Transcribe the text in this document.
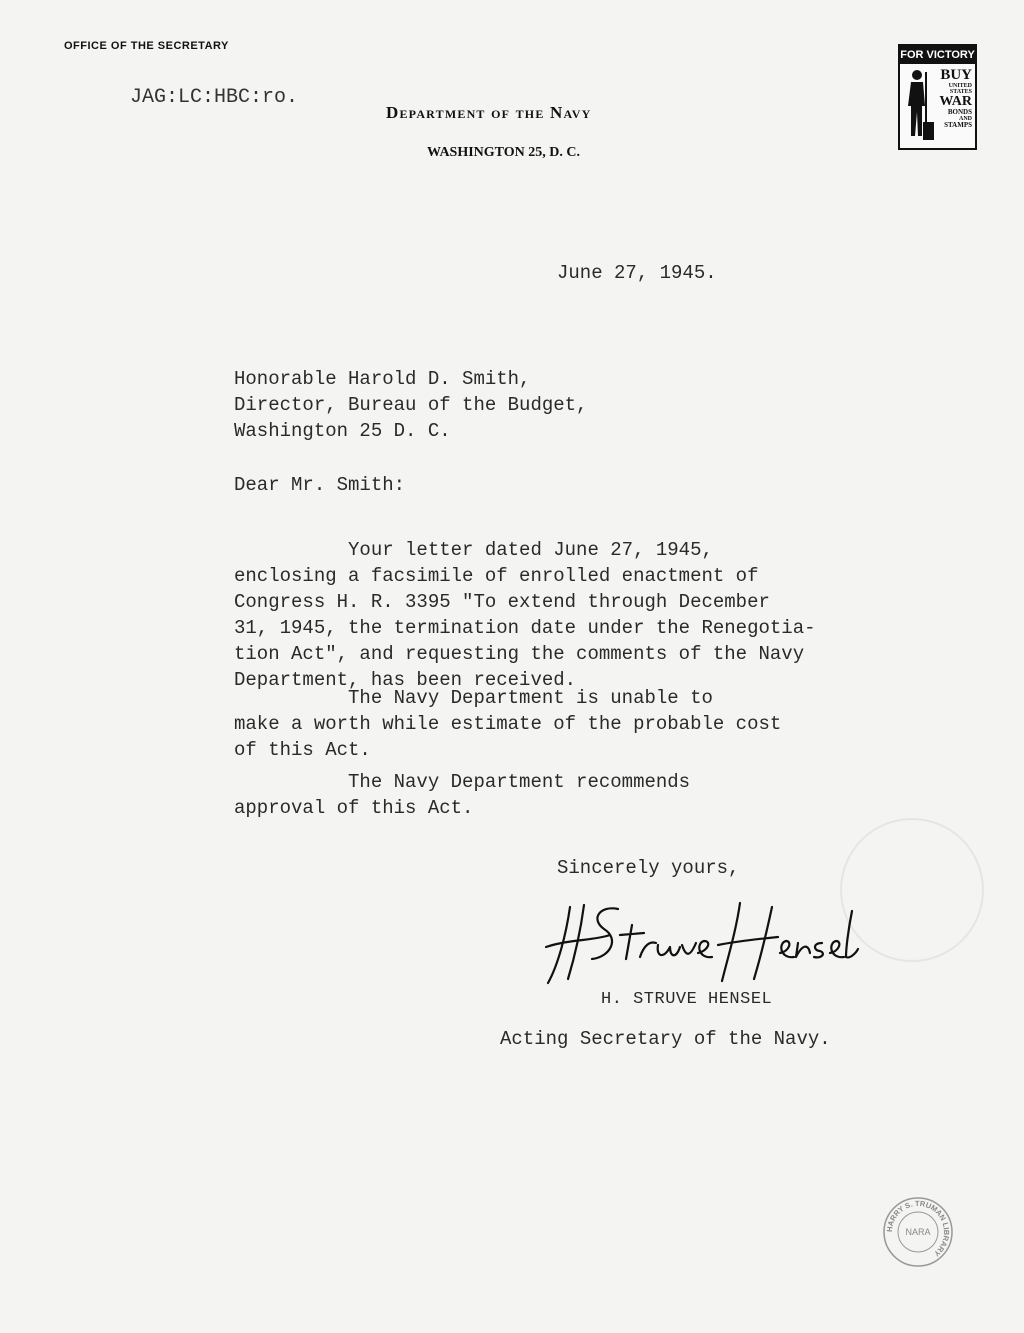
OFFICE OF THE SECRETARY
JAG:LC:HBC:ro.
Department of the Navy
WASHINGTON 25, D. C.
FOR VICTORY
BUY
UNITED
STATES
WAR
BONDS
AND
STAMPS
June 27, 1945.
Honorable Harold D. Smith,
Director, Bureau of the Budget,
Washington 25 D. C.
Dear Mr. Smith:
Your letter dated June 27, 1945,
enclosing a facsimile of enrolled enactment of
Congress H. R. 3395 "To extend through December
31, 1945, the termination date under the Renegotia-
tion Act", and requesting the comments of the Navy
Department, has been received.
The Navy Department is unable to
make a worth while estimate of the probable cost
of this Act.
The Navy Department recommends
approval of this Act.
Sincerely yours,
H. STRUVE HENSEL
Acting Secretary of the Navy.
HARRY S. TRUMAN LIBRARY
NARA
